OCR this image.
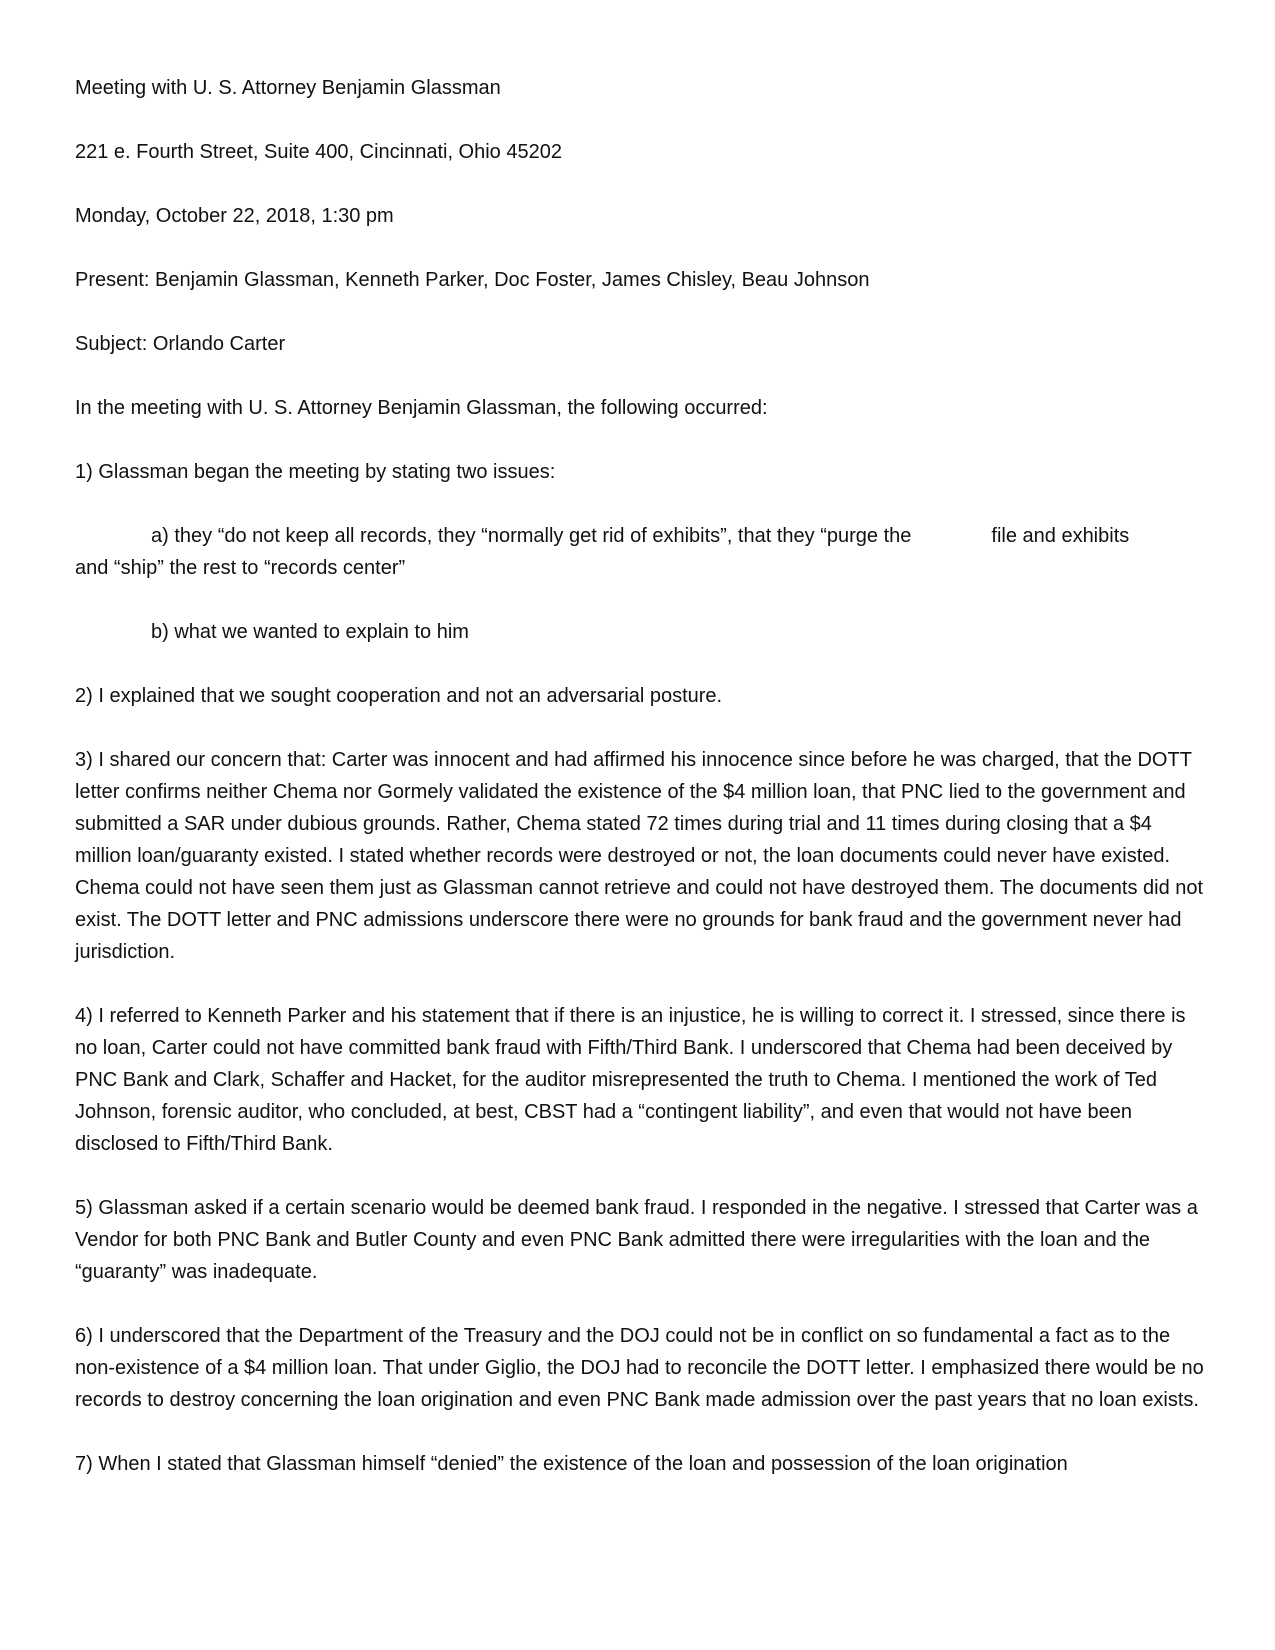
Meeting with U. S. Attorney Benjamin Glassman

221 e. Fourth Street, Suite 400, Cincinnati, Ohio 45202

Monday, October 22, 2018, 1:30 pm

Present: Benjamin Glassman, Kenneth Parker, Doc Foster, James Chisley, Beau Johnson

Subject: Orlando Carter

In the meeting with U. S. Attorney Benjamin Glassman, the following occurred:

1) Glassman began the meeting by stating two issues:

a) they “do not keep all records, they “normally get rid of exhibits”, that they “purge the	file and exhibits

and “ship” the rest to “records center”

b) what we wanted to explain to him

2) I explained that we sought cooperation and not an adversarial posture.

3) I shared our concern that: Carter was innocent and had affirmed his innocence since before he was charged, that the DOTT letter confirms neither Chema nor Gormely validated the existence of the $4 million loan, that PNC lied to the government and submitted a SAR under dubious grounds. Rather, Chema stated 72 times during trial and 11 times during closing that a $4 million loan/guaranty existed. I stated whether records were destroyed or not, the loan documents could never have existed. Chema could not have seen them just as Glassman cannot retrieve and could not have destroyed them. The documents did not exist. The DOTT letter and PNC admissions underscore there were no grounds for bank fraud and the government never had jurisdiction.

4) I referred to Kenneth Parker and his statement that if there is an injustice, he is willing to correct it. I stressed, since there is no loan, Carter could not have committed bank fraud with Fifth/Third Bank. I underscored that Chema had been deceived by PNC Bank and Clark, Schaffer and Hacket, for the auditor misrepresented the truth to Chema. I mentioned the work of Ted Johnson, forensic auditor, who concluded, at best, CBST had a “contingent liability”, and even that would not have been disclosed to Fifth/Third Bank.

5) Glassman asked if a certain scenario would be deemed bank fraud. I responded in the negative. I stressed that Carter was a Vendor for both PNC Bank and Butler County and even PNC Bank admitted there were irregularities with the loan and the “guaranty” was inadequate.

6) I underscored that the Department of the Treasury and the DOJ could not be in conflict on so fundamental a fact as to the non-existence of a $4 million loan. That under Giglio, the DOJ had to reconcile the DOTT letter. I emphasized there would be no records to destroy concerning the loan origination and even PNC Bank made admission over the past years that no loan exists.

7) When I stated that Glassman himself “denied” the existence of the loan and possession of the loan origination
